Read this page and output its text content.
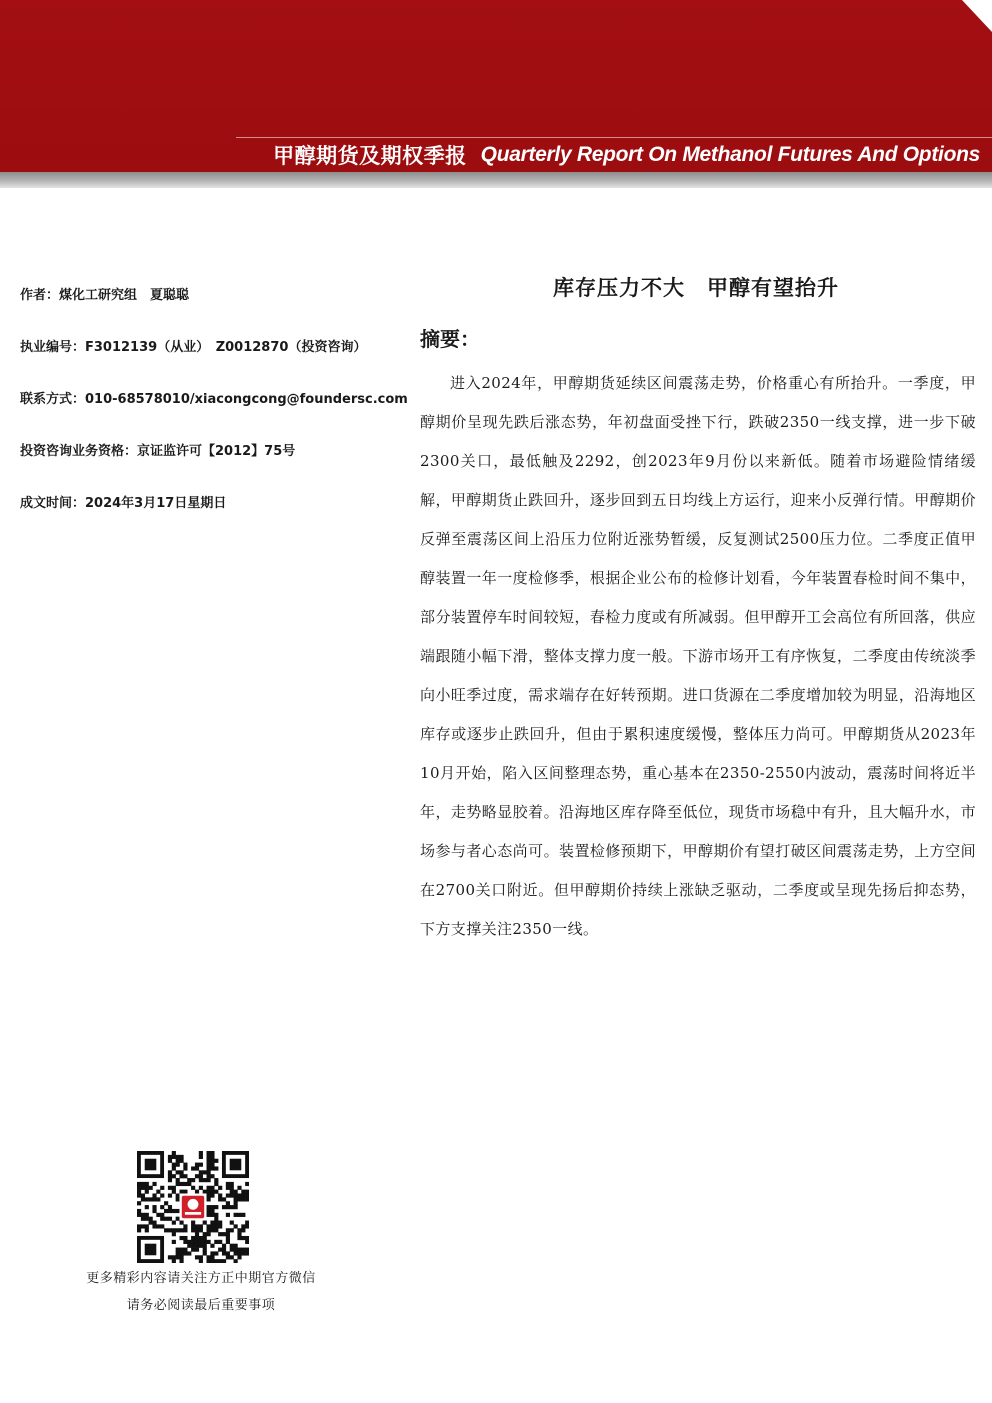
甲醇期货及期权季报 Quarterly Report On Methanol Futures And Options
作者：煤化工研究组　夏聪聪
执业编号：F3012139（从业）　Z0012870（投资咨询）
联系方式：010-68578010/xiacongcong@foundersc.com
投资咨询业务资格：京证监许可【2012】75号
成文时间：2024年3月17日星期日
库存压力不大　甲醇有望抬升
摘要：
进入2024年，甲醇期货延续区间震荡走势，价格重心有所抬升。一季度，甲醇期价呈现先跌后涨态势，年初盘面受挫下行，跌破2350一线支撑，进一步下破2300关口，最低触及2292，创2023年9月份以来新低。随着市场避险情绪缓解，甲醇期货止跌回升，逐步回到五日均线上方运行，迎来小反弹行情。甲醇期价反弹至震荡区间上沿压力位附近涨势暂缓，反复测试2500压力位。二季度正值甲醇装置一年一度检修季，根据企业公布的检修计划看，今年装置春检时间不集中，部分装置停车时间较短，春检力度或有所减弱。但甲醇开工会高位有所回落，供应端跟随小幅下滑，整体支撑力度一般。下游市场开工有序恢复，二季度由传统淡季向小旺季过度，需求端存在好转预期。进口货源在二季度增加较为明显，沿海地区库存或逐步止跌回升，但由于累积速度缓慢，整体压力尚可。甲醇期货从2023年10月开始，陷入区间整理态势，重心基本在2350-2550内波动，震荡时间将近半年，走势略显胶着。沿海地区库存降至低位，现货市场稳中有升，且大幅升水，市场参与者心态尚可。装置检修预期下，甲醇期价有望打破区间震荡走势，上方空间在2700关口附近。但甲醇期价持续上涨缺乏驱动，二季度或呈现先扬后抑态势，下方支撑关注2350一线。
更多精彩内容请关注方正中期官方微信
请务必阅读最后重要事项
